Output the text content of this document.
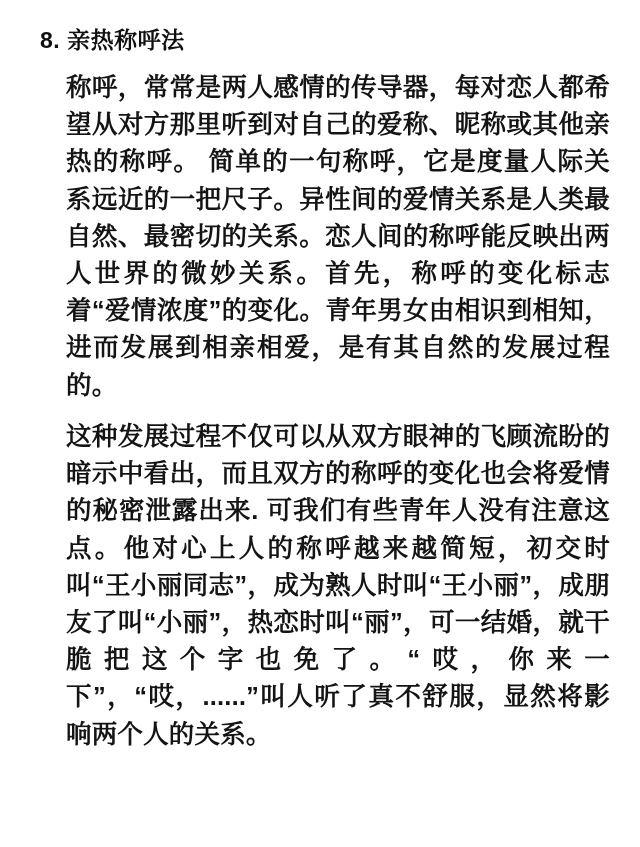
8. 亲热称呼法

称呼，常常是两人感情的传导器，每对恋人都希望从对方那里听到对自己的爱称、昵称或其他亲热的称呼。 简单的一句称呼，它是度量人际关系远近的一把尺子。异性间的爱情关系是人类最自然、最密切的关系。恋人间的称呼能反映出两人世界的微妙关系。首先，称呼的变化标志着“爱情浓度”的变化。青年男女由相识到相知，进而发展到相亲相爱，是有其自然的发展过程的。

这种发展过程不仅可以从双方眼神的飞顾流盼的暗示中看出，而且双方的称呼的变化也会将爱情的秘密泄露出来. 可我们有些青年人没有注意这点。他对心上人的称呼越来越简短，初交时叫“王小丽同志”，成为熟人时叫“王小丽”，成朋友了叫“小丽”，热恋时叫“丽”，可一结婚，就干脆把这个字也免了。“哎，你来一下”，“哎，......”叫人听了真不舒服，显然将影响两个人的关系。
